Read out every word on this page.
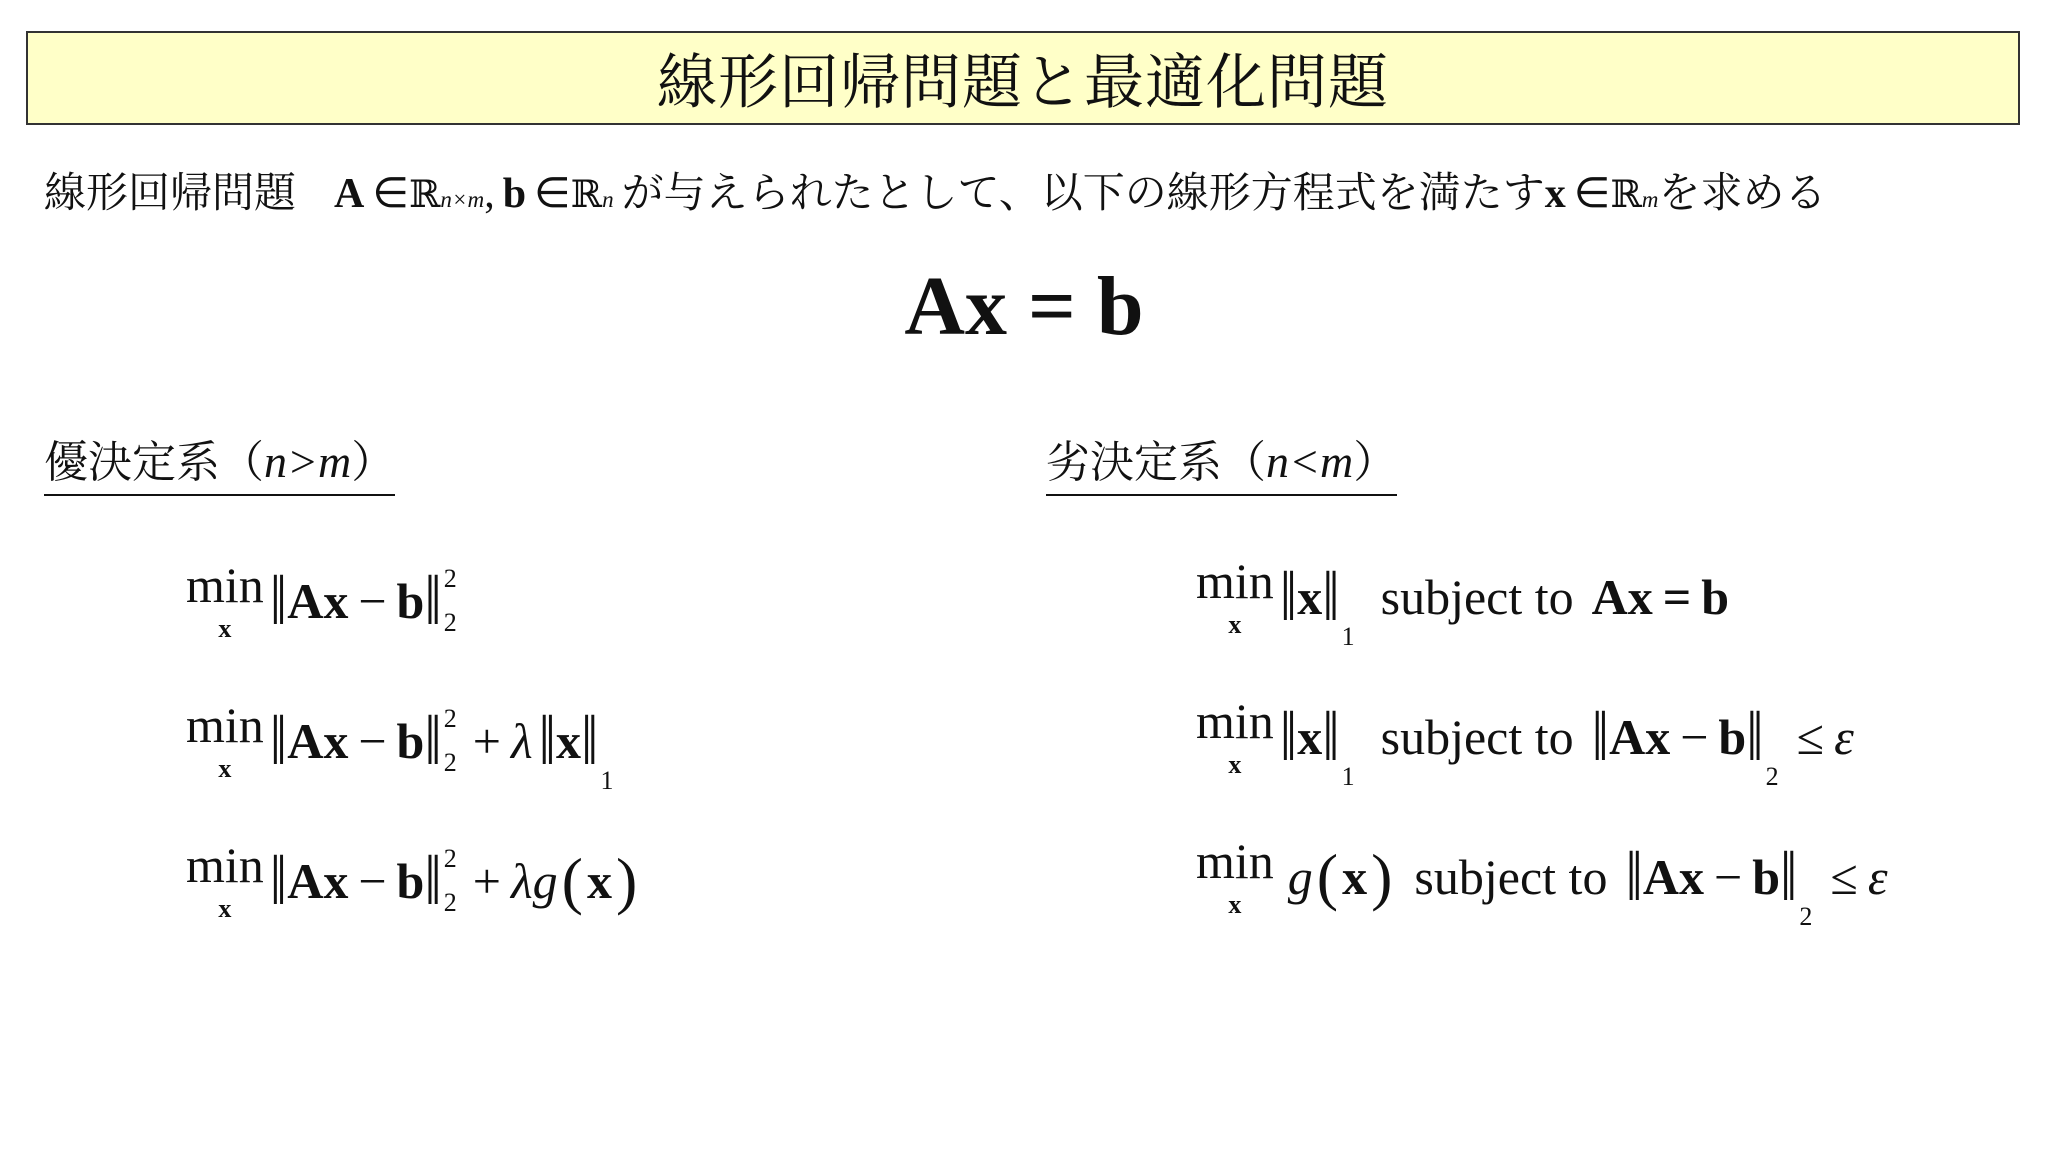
線形回帰問題と最適化問題
線形回帰問題 A ∈ ℝ n×m , b ∈ ℝ n が与えられたとして、以下の線形方程式を満たす x ∈ ℝ m を求める
Ax = b
優決定系（n>m）	劣決定系（n<m）
min
x ‖ Ax − b ‖ 2
2
min
x ‖ Ax − b ‖ 2
2 + λ ‖ x ‖
1
min
x ‖ Ax − b ‖ 2
2 + λ g ( x )
min
x ‖ x ‖
1
subject to Ax = b
min
x ‖ x ‖
1
subject to ‖ Ax − b ‖
2
≤ ε
min
x g ( x ) subject to ‖ Ax − b ‖
2
≤ ε
